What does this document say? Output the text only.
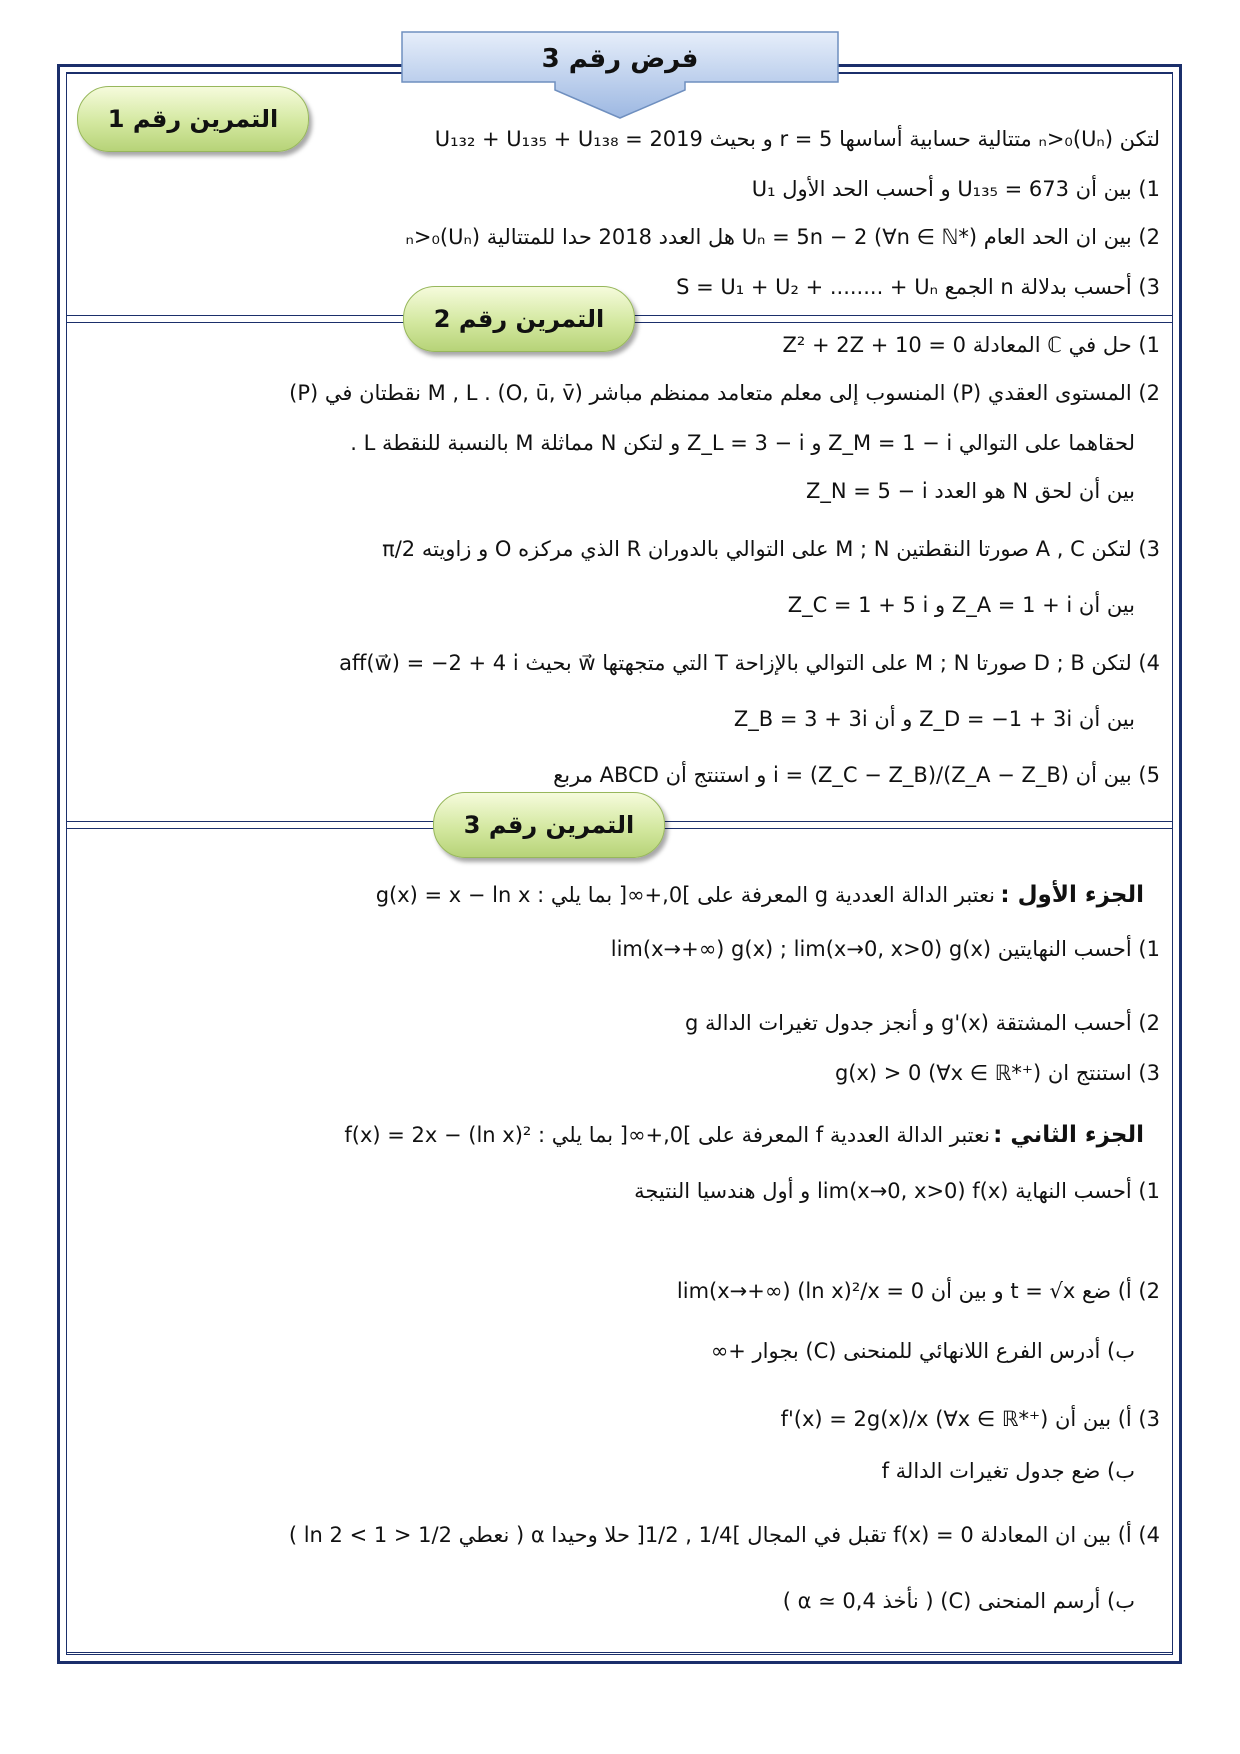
فرض رقم 3
التمرين رقم 1
التمرين رقم 2
التمرين رقم 3
لتكن (Uₙ)ₙ>₀ متتالية حسابية أساسها r = 5 و بحيث U₁₃₂ + U₁₃₅ + U₁₃₈ = 2019
1) بين أن U₁₃₅ = 673 و أحسب الحد الأول U₁
2) بين ان الحد العام Uₙ = 5n − 2 (∀n ∈ ℕ*) هل العدد 2018 حدا للمتتالية (Uₙ)ₙ>₀
3) أحسب بدلالة n الجمع S = U₁ + U₂ + ........ + Uₙ
1) حل في ℂ المعادلة Z² + 2Z + 10 = 0
2) المستوى العقدي (P) المنسوب إلى معلم متعامد ممنظم مباشر (O, ū, v̄) . M , L نقطتان في (P)
لحقاهما على التوالي Z_M = 1 − i و Z_L = 3 − i و لتكن N مماثلة M بالنسبة للنقطة L .
بين أن لحق N هو العدد Z_N = 5 − i
3) لتكن A , C صورتا النقطتين M ; N على التوالي بالدوران R الذي مركزه O و زاويته π/2
بين أن Z_A = 1 + i و Z_C = 1 + 5 i
4) لتكن D ; B صورتا M ; N على التوالي بالإزاحة T التي متجهتها w⃗ بحيث aff(w⃗) = −2 + 4 i
بين أن Z_D = −1 + 3i و أن Z_B = 3 + 3i
5) بين أن (Z_A − Z_B)/(Z_C − Z_B) = i و استنتج أن ABCD مربع
الجزء الأول :
نعتبر الدالة العددية g المعرفة على ]0,+∞[ بما يلي : g(x) = x − ln x
1) أحسب النهايتين lim(x→+∞) g(x) ; lim(x→0, x>0) g(x)
2) أحسب المشتقة g'(x) و أنجز جدول تغيرات الدالة g
3) استنتج ان g(x) > 0 (∀x ∈ ℝ*⁺)
الجزء الثاني :
نعتبر الدالة العددية f المعرفة على ]0,+∞[ بما يلي : f(x) = 2x − (ln x)²
1) أحسب النهاية lim(x→0, x>0) f(x) و أول هندسيا النتيجة
2) أ) ضع t = √x و بين أن lim(x→+∞) (ln x)²/x = 0
ب) أدرس الفرع اللانهائي للمنحنى (C) بجوار +∞
3) أ) بين أن f'(x) = 2g(x)/x (∀x ∈ ℝ*⁺)
ب) ضع جدول تغيرات الدالة f
4) أ) بين ان المعادلة f(x) = 0 تقبل في المجال ]1/4 , 1/2[ حلا وحيدا α ( نعطي 1/2 < ln 2 < 1 )
ب) أرسم المنحنى (C) ( نأخذ α ≃ 0,4 )
